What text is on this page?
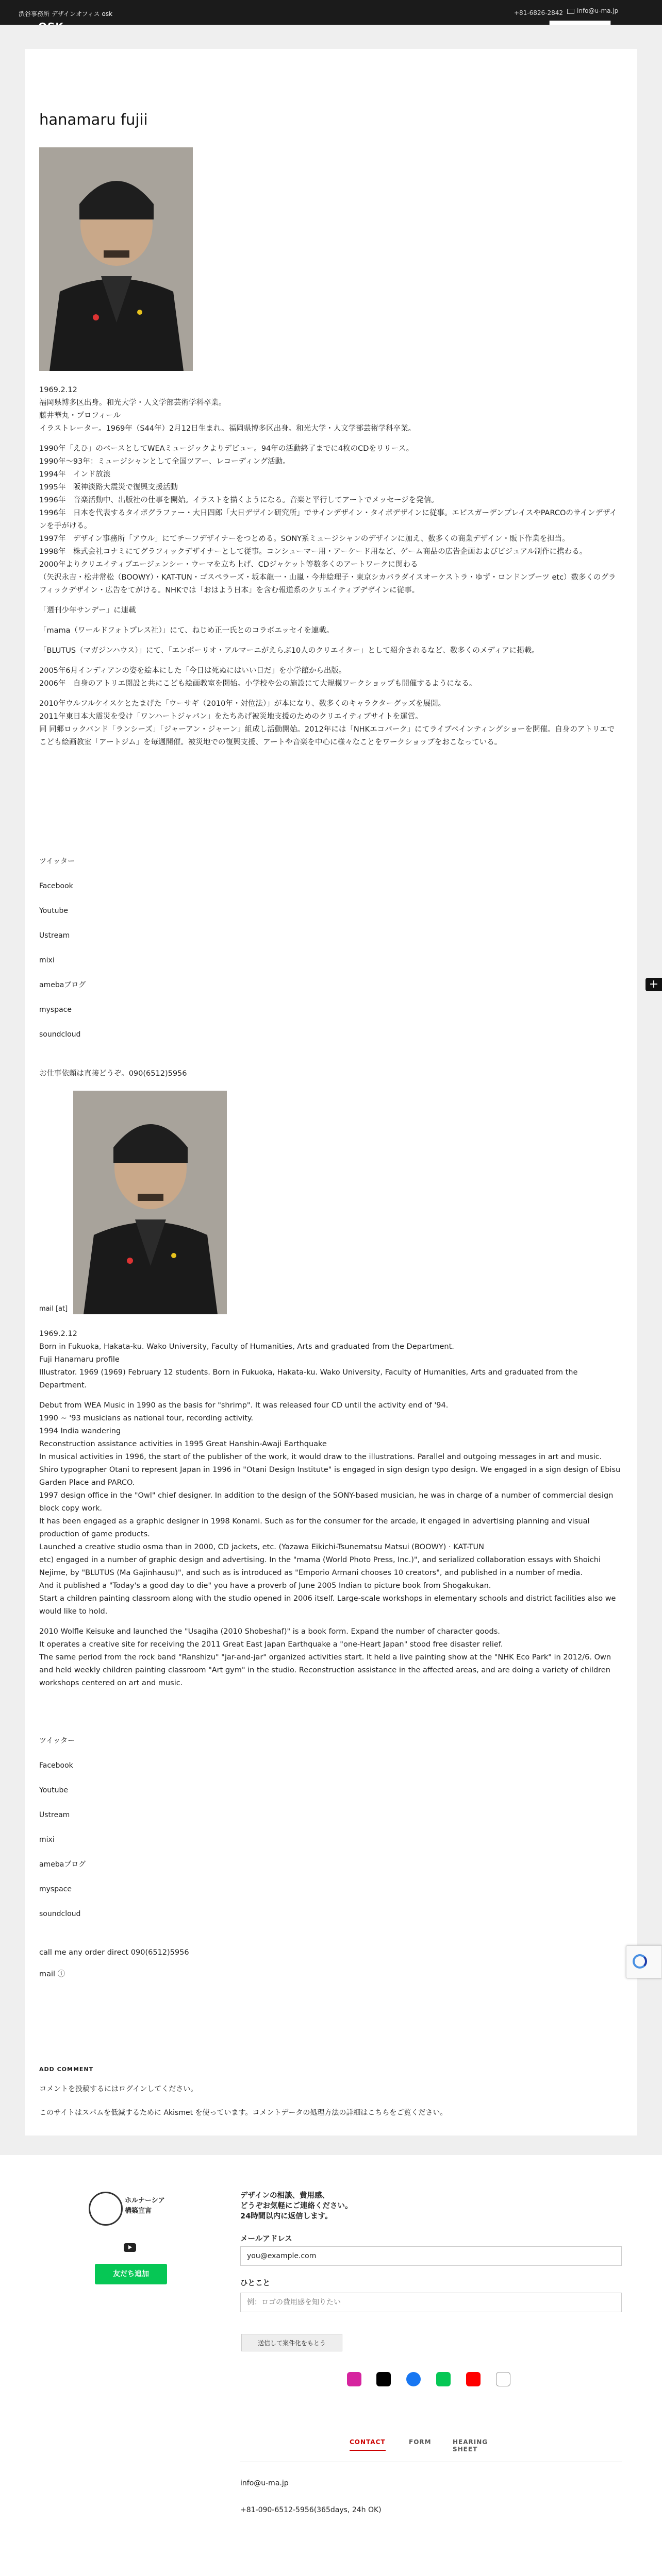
渋谷事務所 デザインオフィス osk	+81-6826-2842	info@u-ma.jp
hanamaru fujii

1969.2.12

福岡県博多区出身。和光大学・人文学部芸術学科卒業。

藤井華丸・プロフィール

イラストレーター。1969年（S44年）2月12日生まれ。福岡県博多区出身。和光大学・人文学部芸術学科卒業。

1990年「えひ」のベースとしてWEAミュージックよりデビュー。94年の活動終了までに4枚のCDをリリース。

1990年〜93年：ミュージシャンとして全国ツアー、レコーディング活動。

1994年　インド放浪

1995年　阪神淡路大震災で復興支援活動

1996年　音楽活動中、出版社の仕事を開始。イラストを描くようになる。音楽と平行してアートでメッセージを発信。

1996年　日本を代表するタイポグラファー・大日四郎「大日デザイン研究所」でサインデザイン・タイポデザインに従事。エビスガーデンプレイスやPARCOのサインデザインを手がける。

1997年　デザイン事務所「アウル」にてチーフデザイナーをつとめる。SONY系ミュージシャンのデザインに加え、数多くの商業デザイン・販下作業を担当。

1998年　株式会社コナミにてグラフィックデザイナーとして従事。コンシューマー用・アーケード用など、ゲーム商品の広告企画およびビジュアル制作に携わる。

2000年よりクリエイティブエージェンシー・ウーマを立ち上げ、CDジャケット等数多くのアートワークに関わる

（矢沢永吉・松井常松（BOOWY）・KAT-TUN・ゴスペラーズ・坂本龍一・山嵐・今井絵理子・東京シカバラダイスオーケストラ・ゆず・ロンドンブーツ etc）数多くのグラフィックデザイン・広告をてがける。NHKでは「おはよう日本」を含む報道系のクリエイティブデザインに従事。

「週刊少年サンデー」に連載

「mama（ワールドフォトプレス社）」にて、ねじめ正一氏とのコラボエッセイを連載。

「BLUTUS（マガジンハウス）」にて、「エンポーリオ・アルマーニがえらぶ10人のクリエイター」として紹介されるなど、数多くのメディアに掲載。

2005年6月インディアンの姿を絵本にした「今日は死ぬにはいい日だ」を小学館から出版。

2006年　自身のアトリエ開設と共にこども絵画教室を開始。小学校や公の施設にて大規模ワークショップも開催するようになる。

2010年ウルフルケイスケとたまげた「ウーサギ（2010年・対位法）」が本になり、数多くのキャラクターグッズを展開。

2011年東日本大震災を受け「ワンハートジャパン」をたちあげ被災地支援のためのクリエイティブサイトを運営。

同 同郷ロックバンド「ランシーズ」「ジャーアン・ジャーン」組成し活動開始。2012年には「NHKエコパーク」にてライブペインティングショーを開催。自身のアトリエでこども絵画教室「アートジム」を毎週開催。被災地での復興支援、アートや音楽を中心に様々なことをワークショップをおこなっている。

ツイッター
Facebook
Youtube
Ustream
mixi
amebaブログ
myspace
soundcloud
お仕事依頼は直接どうぞ。090(6512)5956
mail [at]

1969.2.12

Born in Fukuoka, Hakata-ku. Wako University, Faculty of Humanities, Arts and graduated from the Department.

Fuji Hanamaru profile

Illustrator. 1969 (1969) February 12 students. Born in Fukuoka, Hakata-ku. Wako University, Faculty of Humanities, Arts and graduated from the Department.

Debut from WEA Music in 1990 as the basis for "shrimp". It was released four CD until the activity end of '94.

1990 ~ '93 musicians as national tour, recording activity.

1994 India wandering

Reconstruction assistance activities in 1995 Great Hanshin-Awaji Earthquake

In musical activities in 1996, the start of the publisher of the work, it would draw to the illustrations. Parallel and outgoing messages in art and music.

Shiro typographer Otani to represent Japan in 1996 in "Otani Design Institute" is engaged in sign design typo design. We engaged in a sign design of Ebisu Garden Place and PARCO.

1997 design office in the "Owl" chief designer. In addition to the design of the SONY-based musician, he was in charge of a number of commercial design block copy work.

It has been engaged as a graphic designer in 1998 Konami. Such as for the consumer for the arcade, it engaged in advertising planning and visual production of game products.

Launched a creative studio osma than in 2000, CD jackets, etc. (Yazawa Eikichi-Tsunematsu Matsui (BOOWY) · KAT-TUN

etc) engaged in a number of graphic design and advertising. In the "mama (World Photo Press, Inc.)", and serialized collaboration essays with Shoichi Nejime, by "BLUTUS (Ma Gajinhausu)", and such as is introduced as "Emporio Armani chooses 10 creators", and published in a number of media.

And it published a "Today's a good day to die" you have a proverb of June 2005 Indian to picture book from Shogakukan.

Start a children painting classroom along with the studio opened in 2006 itself. Large-scale workshops in elementary schools and district facilities also we would like to hold.

2010 Wolfle Keisuke and launched the "Usagiha (2010 Shobeshaf)" is a book form. Expand the number of character goods.

It operates a creative site for receiving the 2011 Great East Japan Earthquake a "one-Heart Japan" stood free disaster relief.

The same period from the rock band "Ranshizu" "jar-and-jar" organized activities start. It held a live painting show at the "NHK Eco Park" in 2012/6. Own and held weekly children painting classroom "Art gym" in the studio. Reconstruction assistance in the affected areas, and are doing a variety of children workshops centered on art and music.

ツイッター
Facebook
Youtube
Ustream
mixi
amebaブログ
myspace
soundcloud
call me any order direct 090(6512)5956
mail ⓘ
+
ADD COMMENT
コメントを投稿するにはログインしてください。
このサイトはスパムを低減するために Akismet を使っています。コメントデータの処理方法の詳細はこちらをご覧ください。
ホルナーシア 構築宣言
友だち追加
デザインの相談、費用感、
どうぞお気軽にご連絡ください。
24時間以内に返信します。
メールアドレス
you@example.com
ひとこと
例：ロゴの費用感を知りたい
送信して案件化をもとう
CONTACT	FORM	HEARING SHEET
info@u-ma.jp
+81-090-6512-5956(365days, 24h OK)
